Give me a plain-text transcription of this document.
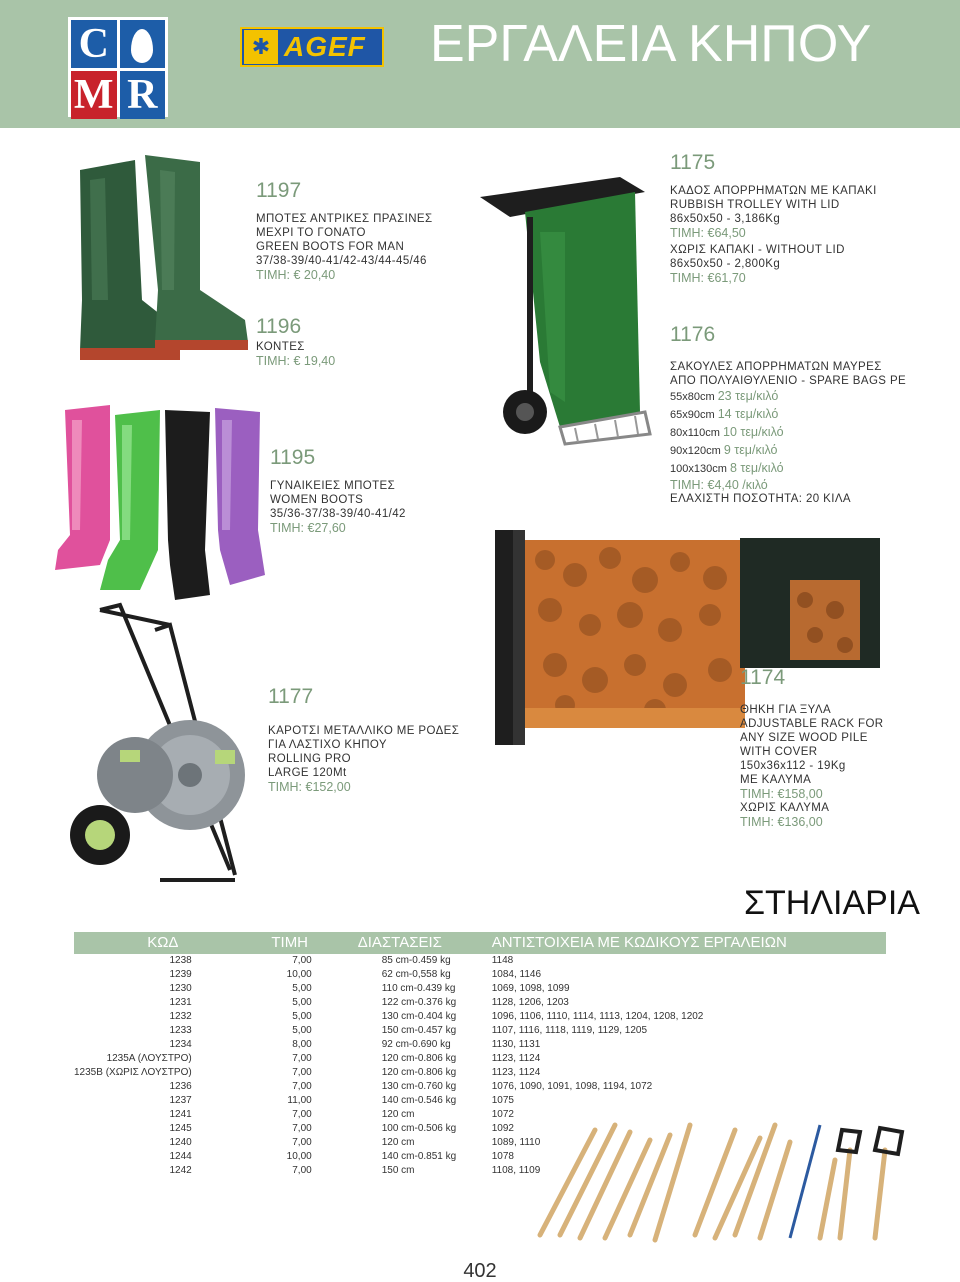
C
M R
✱ AGEF ΕΡΓΑΛΕΙΑ ΚΗΠΟΥ
1197
ΜΠΟΤΕΣ ΑΝΤΡΙΚΕΣ ΠΡΑΣΙΝΕΣ
ΜΕΧΡΙ ΤΟ ΓΟΝΑΤΟ
GREEN BOOTS FOR MAN
37/38-39/40-41/42-43/44-45/46
ΤΙΜΗ: € 20,40
1196
ΚΟΝΤΕΣ
ΤΙΜΗ: € 19,40
1195
ΓΥΝΑΙΚΕΙΕΣ ΜΠΟΤΕΣ
WOMEN BOOTS
35/36-37/38-39/40-41/42
ΤΙΜΗ: €27,60
1175
ΚΑΔΟΣ ΑΠΟΡΡΗΜΑΤΩΝ ΜΕ ΚΑΠΑΚΙ
RUBBISH TROLLEY WITH LID
86x50x50 - 3,186Kg
ΤΙΜΗ: €64,50
ΧΩΡΙΣ ΚΑΠΑΚΙ - WITHOUT LID
86x50x50 - 2,800Kg
ΤΙΜΗ: €61,70
1176
ΣΑΚΟΥΛΕΣ ΑΠΟΡΡΗΜΑΤΩΝ ΜΑΥΡΕΣ
ΑΠΟ ΠΟΛΥΑΙΘΥΛΕΝΙΟ - SPARE BAGS PE
55x80cm 23 τεμ/κιλό
65x90cm 14 τεμ/κιλό
80x110cm 10 τεμ/κιλό
90x120cm 9 τεμ/κιλό
100x130cm 8 τεμ/κιλό
ΤΙΜΗ: €4,40 /κιλό
ΕΛΑΧΙΣΤΗ ΠΟΣΟΤΗΤΑ: 20 ΚΙΛΑ
1177
ΚΑΡΟΤΣΙ ΜΕΤΑΛΛΙΚΟ ΜΕ ΡΟΔΕΣ
ΓΙΑ ΛΑΣΤΙΧΟ ΚΗΠΟΥ
ROLLING PRO
LARGE 120Mt
ΤΙΜΗ: €152,00
1174
ΘΗΚΗ ΓΙΑ ΞΥΛΑ
ADJUSTABLE RACK FOR
ANY SIZE WOOD PILE
WITH COVER
150x36x112 - 19Kg
ΜΕ ΚΑΛΥΜΑ
ΤΙΜΗ: €158,00
ΧΩΡΙΣ ΚΑΛΥΜΑ
ΤΙΜΗ: €136,00
ΣΤΗΛΙΑΡΙΑ
ΚΩΔ	ΤΙΜΗ	ΔΙΑΣΤΑΣΕΙΣ	ΑΝΤΙΣΤΟΙΧΕΙΑ ΜΕ ΚΩΔΙΚΟΥΣ ΕΡΓΑΛΕΙΩΝ
1238	7,00	85 cm-0.459 kg	1148
1239	10,00	62 cm-0,558 kg	1084, 1146
1230	5,00	110 cm-0.439 kg	1069, 1098, 1099
1231	5,00	122 cm-0.376 kg	1128, 1206, 1203
1232	5,00	130 cm-0.404 kg	1096, 1106, 1110, 1114, 1113, 1204, 1208, 1202
1233	5,00	150 cm-0.457 kg	1107, 1116, 1118, 1119, 1129, 1205
1234	8,00	92 cm-0.690 kg	1130, 1131
1235Α (ΛΟΥΣΤΡΟ)	7,00	120 cm-0.806 kg	1123, 1124
1235Β (ΧΩΡΙΣ ΛΟΥΣΤΡΟ)	7,00	120 cm-0.806 kg	1123, 1124
1236	7,00	130 cm-0.760 kg	1076, 1090, 1091, 1098, 1194, 1072
1237	11,00	140 cm-0.546 kg	1075
1241	7,00	120 cm	1072
1245	7,00	100 cm-0.506 kg	1092
1240	7,00	120 cm	1089, 1110
1244	10,00	140 cm-0.851 kg	1078
1242	7,00	150 cm	1108, 1109
402
